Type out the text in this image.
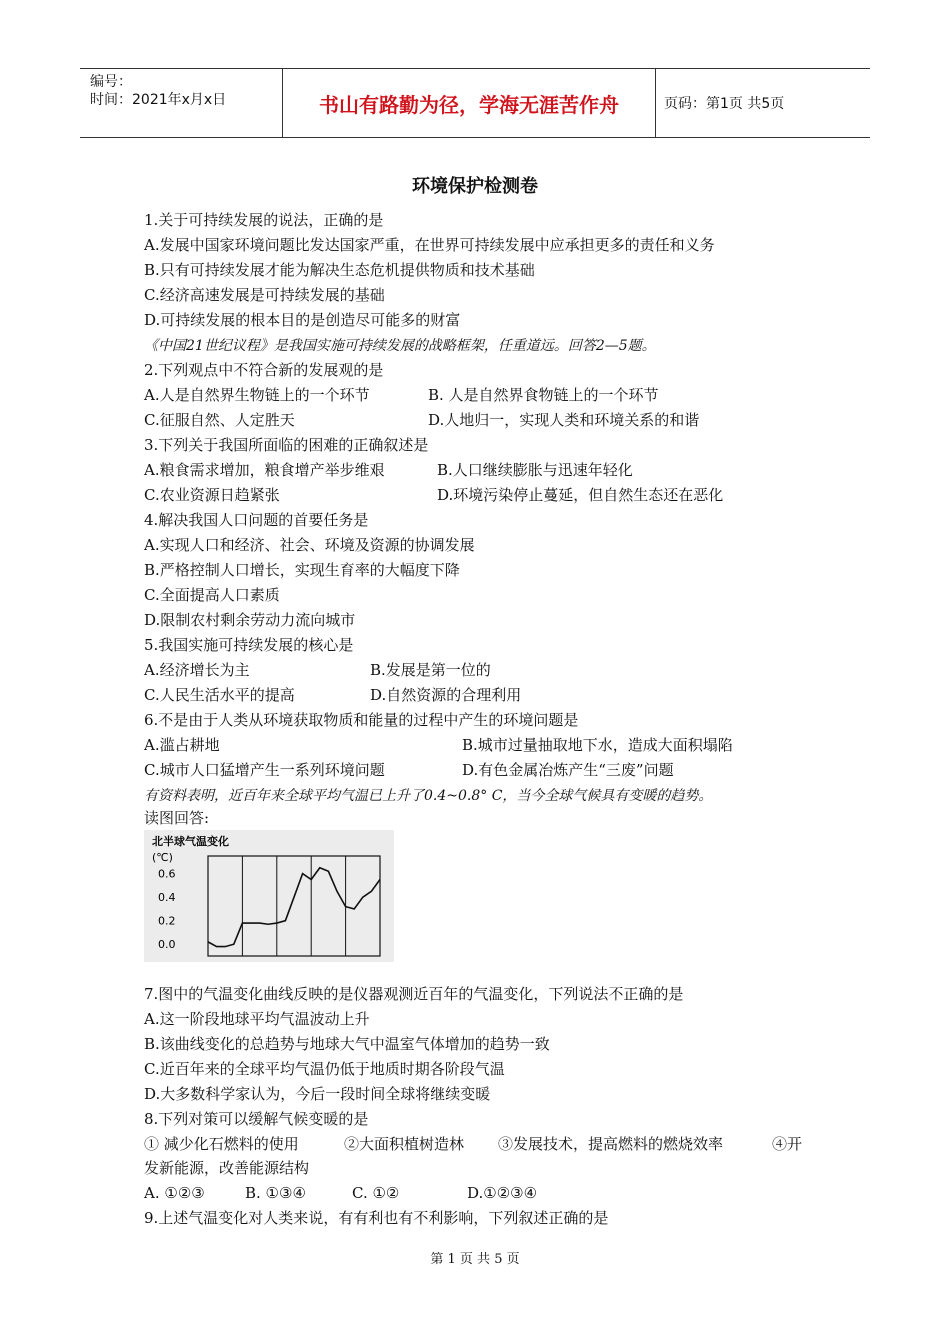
编号：
时间：2021年x月x日	书山有路勤为径，学海无涯苦作舟	页码：第1页 共5页
环境保护检测卷
1.关于可持续发展的说法，正确的是
A.发展中国家环境问题比发达国家严重，在世界可持续发展中应承担更多的责任和义务
B.只有可持续发展才能为解决生态危机提供物质和技术基础
C.经济高速发展是可持续发展的基础
D.可持续发展的根本目的是创造尽可能多的财富
《中国21世纪议程》是我国实施可持续发展的战略框架，任重道远。回答2—5题。
2.下列观点中不符合新的发展观的是
A.人是自然界生物链上的一个环节	B. 人是自然界食物链上的一个环节
C.征服自然、人定胜天	D.人地归一，实现人类和环境关系的和谐
3.下列关于我国所面临的困难的正确叙述是
A.粮食需求增加，粮食增产举步维艰	B.人口继续膨胀与迅速年轻化
C.农业资源日趋紧张	D.环境污染停止蔓延，但自然生态还在恶化
4.解决我国人口问题的首要任务是
A.实现人口和经济、社会、环境及资源的协调发展
B.严格控制人口增长，实现生育率的大幅度下降
C.全面提高人口素质
D.限制农村剩余劳动力流向城市
5.我国实施可持续发展的核心是
A.经济增长为主	B.发展是第一位的
C.人民生活水平的提高	D.自然资源的合理利用
6.不是由于人类从环境获取物质和能量的过程中产生的环境问题是
A.滥占耕地	B.城市过量抽取地下水，造成大面积塌陷
C.城市人口猛增产生一系列环境问题	D.有色金属冶炼产生“三废”问题
有资料表明，近百年来全球平均气温已上升了0.4~0.8° C，当今全球气候具有变暖的趋势。
读图回答:
北半球气温变化
(℃)
0.6
0.4
0.2
0.0
7.图中的气温变化曲线反映的是仪器观测近百年的气温变化，下列说法不正确的是
A.这一阶段地球平均气温波动上升
B.该曲线变化的总趋势与地球大气中温室气体增加的趋势一致
C.近百年来的全球平均气温仍低于地质时期各阶段气温
D.大多数科学家认为，今后一段时间全球将继续变暖
8.下列对策可以缓解气候变暖的是
① 减少化石燃料的使用	②大面积植树造林 ③发展技术，提高燃料的燃烧效率	④开
发新能源，改善能源结构
A. ①②③	B. ①③④	C. ①②	D.①②③④
9.上述气温变化对人类来说，有有利也有不利影响，下列叙述正确的是
第 1 页 共 5 页
